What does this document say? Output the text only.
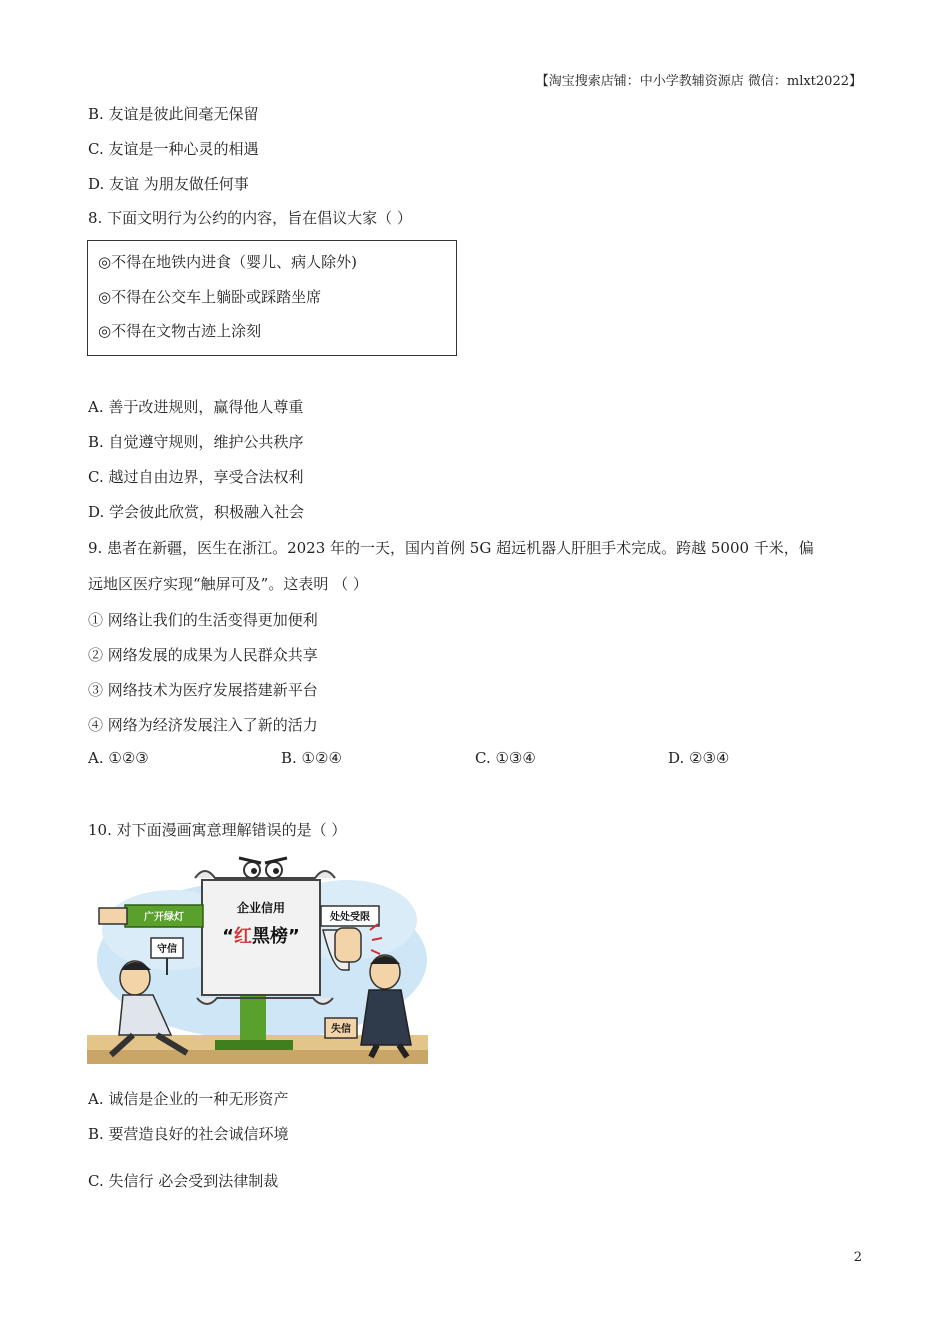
【淘宝搜索店铺：中小学教辅资源店 微信：mlxt2022】
B. 友谊是彼此间毫无保留
C. 友谊是一种心灵的相遇
D. 友谊 为朋友做任何事
8. 下面文明行为公约的内容，旨在倡议大家（ ）
◎不得在地铁内进食（婴儿、病人除外)
◎不得在公交车上躺卧或踩踏坐席
◎不得在文物古迹上涂刻
A. 善于改进规则，赢得他人尊重
B. 自觉遵守规则，维护公共秩序
C. 越过自由边界，享受合法权利
D. 学会彼此欣赏，积极融入社会
9. 患者在新疆，医生在浙江。2023 年的一天，国内首例 5G 超远机器人肝胆手术完成。跨越 5000 千米，偏
远地区医疗实现“触屏可及”。这表明 （ ）
① 网络让我们的生活变得更加便利
② 网络发展的成果为人民群众共享
③ 网络技术为医疗发展搭建新平台
④ 网络为经济发展注入了新的活力
A. ①②③	B. ①②④	C. ①③④	D. ②③④
10. 对下面漫画寓意理解错误的是（ ）
企业信用
“红黑榜”
广开绿灯	处处受限
守信
失信
A. 诚信是企业的一种无形资产
B. 要营造良好的社会诚信环境
C. 失信行 必会受到法律制裁
2
